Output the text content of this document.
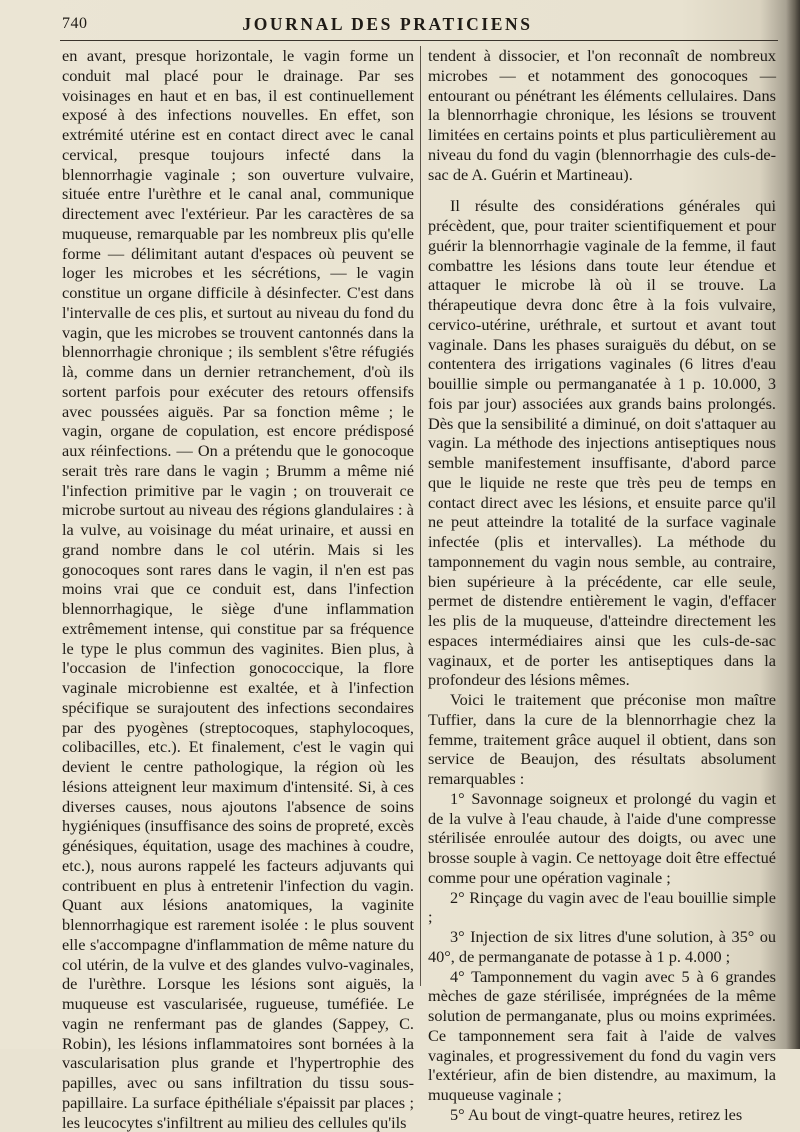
740	JOURNAL DES PRATICIENS

en avant, presque horizontale, le vagin forme un conduit mal placé pour le drainage. Par ses voisinages en haut et en bas, il est continuellement exposé à des infections nouvelles. En effet, son extrémité utérine est en contact direct avec le canal cervical, presque toujours infecté dans la blennorrhagie vaginale ; son ouverture vulvaire, située entre l'urèthre et le canal anal, communique directement avec l'extérieur. Par les caractères de sa muqueuse, remarquable par les nombreux plis qu'elle forme — délimitant autant d'espaces où peuvent se loger les microbes et les sécrétions, — le vagin constitue un organe difficile à désinfecter. C'est dans l'intervalle de ces plis, et surtout au niveau du fond du vagin, que les microbes se trouvent cantonnés dans la blennorrhagie chronique ; ils semblent s'être réfugiés là, comme dans un dernier retranchement, d'où ils sortent parfois pour exécuter des retours offensifs avec poussées aiguës. Par sa fonction même ; le vagin, organe de copulation, est encore prédisposé aux réinfections. — On a prétendu que le gonocoque serait très rare dans le vagin ; Brumm a même nié l'infection primitive par le vagin ; on trouverait ce microbe surtout au niveau des régions glandulaires : à la vulve, au voisinage du méat urinaire, et aussi en grand nombre dans le col utérin. Mais si les gonocoques sont rares dans le vagin, il n'en est pas moins vrai que ce conduit est, dans l'infection blennorrhagique, le siège d'une inflammation extrêmement intense, qui constitue par sa fréquence le type le plus commun des vaginites. Bien plus, à l'occasion de l'infection gonococcique, la flore vaginale microbienne est exaltée, et à l'infection spécifique se surajoutent des infections secondaires par des pyogènes (streptocoques, staphylocoques, colibacilles, etc.). Et finalement, c'est le vagin qui devient le centre pathologique, la région où les lésions atteignent leur maximum d'intensité. Si, à ces diverses causes, nous ajoutons l'absence de soins hygiéniques (insuffisance des soins de propreté, excès génésiques, équitation, usage des machines à coudre, etc.), nous aurons rappelé les facteurs adjuvants qui contribuent en plus à entretenir l'infection du vagin. Quant aux lésions anatomiques, la vaginite blennorrhagique est rarement isolée : le plus souvent elle s'accompagne d'inflammation de même nature du col utérin, de la vulve et des glandes vulvo-vaginales, de l'urèthre. Lorsque les lésions sont aiguës, la muqueuse est vascularisée, rugueuse, tuméfiée. Le vagin ne renfermant pas de glandes (Sappey, C. Robin), les lésions inflammatoires sont bornées à la vascularisation plus grande et l'hypertrophie des papilles, avec ou sans infiltration du tissu sous-papillaire. La surface épithéliale s'épaissit par places ; les leucocytes s'infiltrent au milieu des cellules qu'ils

tendent à dissocier, et l'on reconnaît de nombreux microbes — et notamment des gonocoques — entourant ou pénétrant les éléments cellulaires. Dans la blennorrhagie chronique, les lésions se trouvent limitées en certains points et plus particulièrement au niveau du fond du vagin (blennorrhagie des culs-de-sac de A. Guérin et Martineau).

Il résulte des considérations générales qui précèdent, que, pour traiter scientifiquement et pour guérir la blennorrhagie vaginale de la femme, il faut combattre les lésions dans toute leur étendue et attaquer le microbe là où il se trouve. La thérapeutique devra donc être à la fois vulvaire, cervico-utérine, uréthrale, et surtout et avant tout vaginale. Dans les phases suraiguës du début, on se contentera des irrigations vaginales (6 litres d'eau bouillie simple ou permanganatée à 1 p. 10.000, 3 fois par jour) associées aux grands bains prolongés. Dès que la sensibilité a diminué, on doit s'attaquer au vagin. La méthode des injections antiseptiques nous semble manifestement insuffisante, d'abord parce que le liquide ne reste que très peu de temps en contact direct avec les lésions, et ensuite parce qu'il ne peut atteindre la totalité de la surface vaginale infectée (plis et intervalles). La méthode du tamponnement du vagin nous semble, au contraire, bien supérieure à la précédente, car elle seule, permet de distendre entièrement le vagin, d'effacer les plis de la muqueuse, d'atteindre directement les espaces intermédiaires ainsi que les culs-de-sac vaginaux, et de porter les antiseptiques dans la profondeur des lésions mêmes.

Voici le traitement que préconise mon maître Tuffier, dans la cure de la blennorrhagie chez la femme, traitement grâce auquel il obtient, dans son service de Beaujon, des résultats absolument remarquables :

1° Savonnage soigneux et prolongé du vagin et de la vulve à l'eau chaude, à l'aide d'une compresse stérilisée enroulée autour des doigts, ou avec une brosse souple à vagin. Ce nettoyage doit être effectué comme pour une opération vaginale ;

2° Rinçage du vagin avec de l'eau bouillie simple ;

3° Injection de six litres d'une solution, à 35° ou 40°, de permanganate de potasse à 1 p. 4.000 ;

4° Tamponnement du vagin avec 5 à 6 grandes mèches de gaze stérilisée, imprégnées de la même solution de permanganate, plus ou moins exprimées. Ce tamponnement sera fait à l'aide de valves vaginales, et progressivement du fond du vagin vers l'extérieur, afin de bien distendre, au maximum, la muqueuse vaginale ;

5° Au bout de vingt-quatre heures, retirez les
